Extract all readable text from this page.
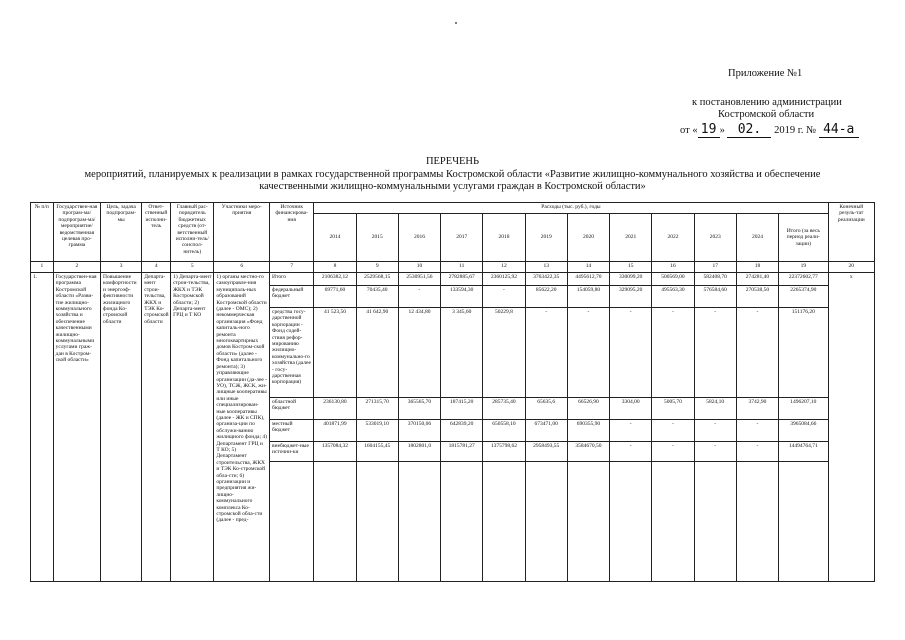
Приложение №1
к постановлению администрации
Костромской области
от « 19 » 02. 2019 г. № 44-а
ПЕРЕЧЕНЬ
мероприятий, планируемых к реализации в рамках государственной программы Костромской области «Развитие жилищно-коммунального хозяйства и обеспечение
качественными жилищно-коммунальными услугами граждан в Костромской области»
№ п/п	Государствен-ная програм-ма/подпрограм-ма/мероприятие/ ведомственная целевая про-грамма	Цель, задача подпрограм-мы	Ответ-ственный исполни-тель	Главный рас-порядитель бюджетных средств (от-ветственный исполни-тель/соиспол-нитель)	Участники меро-приятия	Источник финансирова-ния	Расходы (тыс. руб.), годы												Конечный резуль-тат реализации
							2014	2015	2016	2017	2018	2019	2020	2021	2022	2023	2024	Итого (за весь период реали-зации)	
1	2	3	4	5	6	7	8	9	10	11	12	13	14	15	16	17	18	19	20
1.	Государствен-ная программа Костромской области «Разви-тие жилищно-коммунального хозяйства и обеспечение качественными жилищно-коммунальными услугами граж-дан в Костром-ской области»	Повышение комфортности и энергоэф-фективности жилищного фонда Ко-стромской области	Департа-мент строи-тельства, ЖКХ и ТЭК Ко-стромской области	1) Департа-мент строи-тельства, ЖКХ и ТЭК Костромской области; 2) Департа-мент ГРЦ и Т КО	1) органы местно-го самоуправле-ния муниципаль-ных образований Костромской области (далее - ОМС); 2) некоммерческая организация «Фонд капиталь-ного ремонта многоквартирных домов Костром-ской области» (далее - Фонд капитального ремонта); 3) управляющие организации (да-лее - УО), ТСЖ, ЖСК, жи-лищные кооперативы или иные специализирован-ные кооперативы (далее - ЖК и СПК), организа-ции по обслужи-ванию жилищного фонда; 4) Департамент ГРЦ и Т КО; 5) Департамент строительства, ЖКХ и ТЭК Ко-стромской обла-сти; 6) организации и предприятия жи-лищно-коммунального комплекса Ко-стромской обла-сти (далее - пред-	Итого	2106382,12	2529568,15	2530951,56	2782885,67	2360125,92	3763422,35	4495612,70	330099,20	500569,00	582408,70	274281,40	22372602,77	х
						федеральный бюджет	69771,60	70435,40	-	133594,30	-	85622,20	154059,80	329095,20	495563,30	576584,60	270538,50	2265374,90	
						средства госу-дарственной корпорации - Фонд содей-ствия рефор-мированию жилищно-коммунально-го хозяйства (далее - госу-дарственная корпорация)	41 523,50	41 642,90	12 434,80	3 345,60	50229,8	-	-	-	-	-	-	151176,20	
						областной бюджет	236130,80	271315,70	365565,70	187415,20	285735,40	65635,6	66526,90	3304,00	5005,70	5824,10	3742,90	1496207,10	
						местный бюджет	401871,99	533019,10	370150,06	642839,20	650558,10	673471,00	690355,90	-	-	-	-	3965084,66	
						внебюджет-ные источни-ки	1357084,32	1604155,45	1802801,0	1815781,27	1375798,62	2958493,55	3584670,50	-	-	-	-	14494764,71	
